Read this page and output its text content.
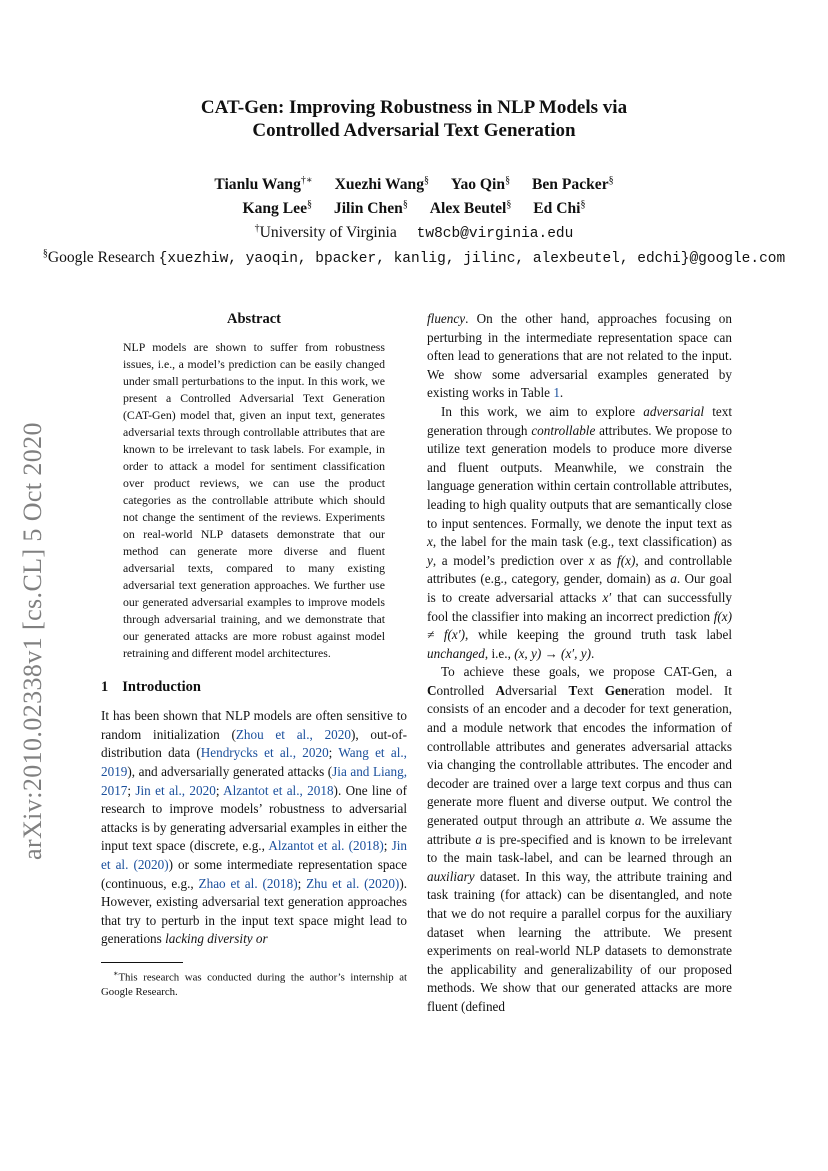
arXiv:2010.02338v1 [cs.CL] 5 Oct 2020
CAT-Gen: Improving Robustness in NLP Models via
Controlled Adversarial Text Generation
Tianlu Wang†∗ Xuezhi Wang§ Yao Qin§ Ben Packer§
Kang Lee§ Jilin Chen§ Alex Beutel§ Ed Chi§
†University of Virginia tw8cb@virginia.edu
§Google Research {xuezhiw, yaoqin, bpacker, kanlig, jilinc, alexbeutel, edchi}@google.com
Abstract
NLP models are shown to suffer from robustness issues, i.e., a model’s prediction can be easily changed under small perturbations to the input. In this work, we present a Controlled Adversarial Text Generation (CAT-Gen) model that, given an input text, generates adversarial texts through controllable attributes that are known to be irrelevant to task labels. For example, in order to attack a model for sentiment classification over product reviews, we can use the product categories as the controllable attribute which should not change the sentiment of the reviews. Experiments on real-world NLP datasets demonstrate that our method can generate more diverse and fluent adversarial texts, compared to many existing adversarial text generation approaches. We further use our generated adversarial examples to improve models through adversarial training, and we demonstrate that our generated attacks are more robust against model retraining and different model architectures.
1 Introduction

It has been shown that NLP models are often sensitive to random initialization (Zhou et al., 2020), out-of-distribution data (Hendrycks et al., 2020; Wang et al., 2019), and adversarially generated attacks (Jia and Liang, 2017; Jin et al., 2020; Alzantot et al., 2018). One line of research to improve models’ robustness to adversarial attacks is by generating adversarial examples in either the input text space (discrete, e.g., Alzantot et al. (2018); Jin et al. (2020)) or some intermediate representation space (continuous, e.g., Zhao et al. (2018); Zhu et al. (2020)). However, existing adversarial text generation approaches that try to perturb in the input text space might lead to generations lacking diversity or

∗This research was conducted during the author’s internship at Google Research.

fluency. On the other hand, approaches focusing on perturbing in the intermediate representation space can often lead to generations that are not related to the input. We show some adversarial examples generated by existing works in Table 1.

In this work, we aim to explore adversarial text generation through controllable attributes. We propose to utilize text generation models to produce more diverse and fluent outputs. Meanwhile, we constrain the language generation within certain controllable attributes, leading to high quality outputs that are semantically close to input sentences. Formally, we denote the input text as x, the label for the main task (e.g., text classification) as y, a model’s prediction over x as f(x), and controllable attributes (e.g., category, gender, domain) as a. Our goal is to create adversarial attacks x′ that can successfully fool the classifier into making an incorrect prediction f(x) ≠ f(x′), while keeping the ground truth task label unchanged, i.e., (x, y) → (x′, y).

To achieve these goals, we propose CAT-Gen, a Controlled Adversarial Text Generation model. It consists of an encoder and a decoder for text generation, and a module network that encodes the information of controllable attributes and generates adversarial attacks via changing the controllable attributes. The encoder and decoder are trained over a large text corpus and thus can generate more fluent and diverse output. We control the generated output through an attribute a. We assume the attribute a is pre-specified and is known to be irrelevant to the main task-label, and can be learned through an auxiliary dataset. In this way, the attribute training and task training (for attack) can be disentangled, and note that we do not require a parallel corpus for the auxiliary dataset when learning the attribute. We present experiments on real-world NLP datasets to demonstrate the applicability and generalizability of our proposed methods. We show that our generated attacks are more fluent (defined
